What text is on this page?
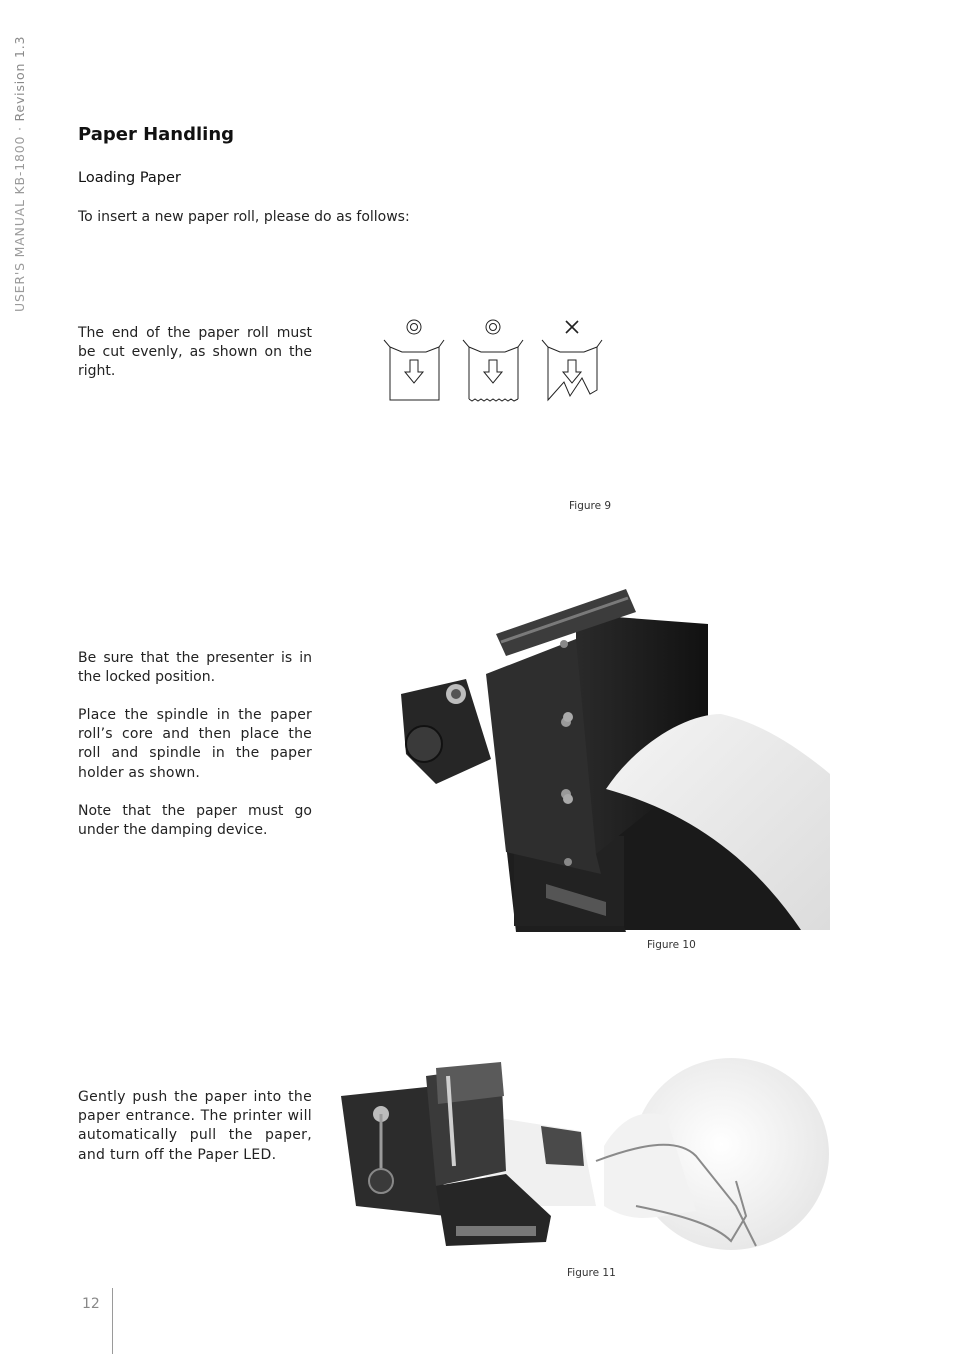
USER'S MANUAL KB-1800 · Revision 1.3
Paper Handling
Loading Paper
To insert a new paper roll, please do as follows:

The end of the paper roll must be cut evenly, as shown on the right.

Figure 9

Be sure that the presenter is in the locked position.

Place the spindle in the paper roll’s core and then place the roll and spindle in the paper holder as shown.

Note that the paper must go under the damping device.

Figure 10

Gently push the paper into the paper entrance. The printer will automatically pull the paper, and turn off the Paper LED.

Figure 11
12
